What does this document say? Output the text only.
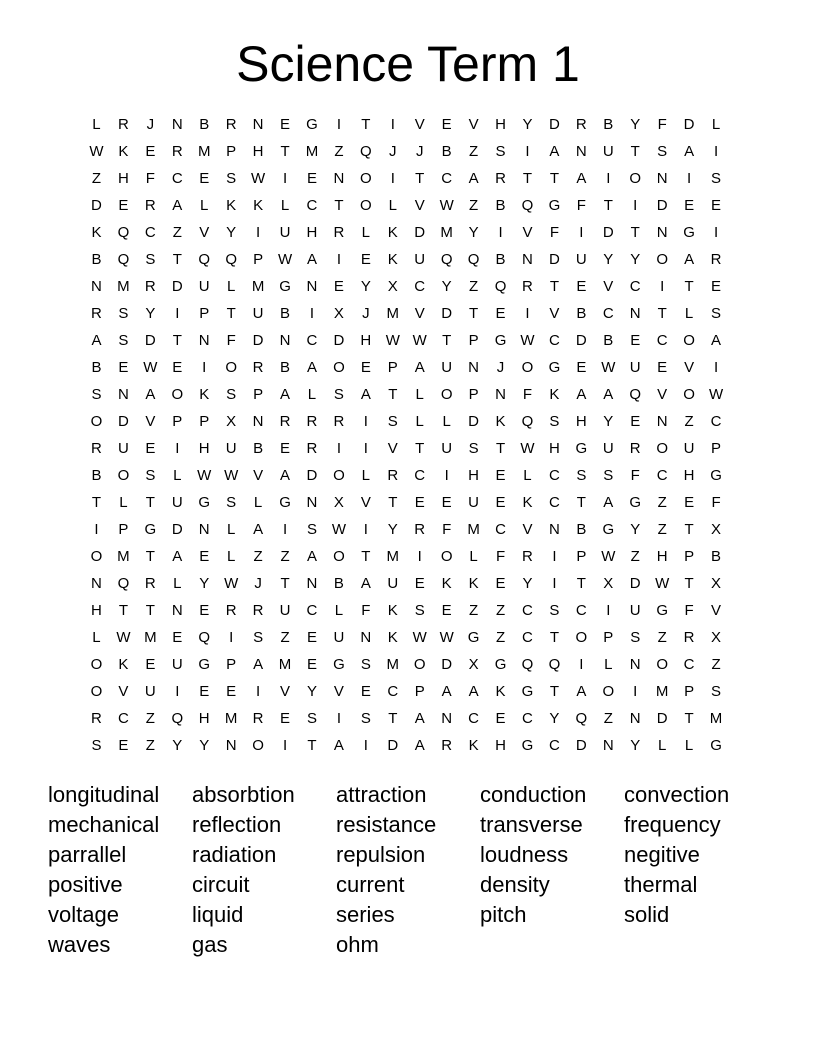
Science Term 1
L	R	J	N	B	R	N	E	G	I	T	I	V	E	V	H	Y	D	R	B	Y	F	D	L
W K	E	R	M	P	H	T	M	Z	Q	J	J	B	Z	S	I	A	N	U	T	S	A	I
Z	H	F	C	E	S W	I	E	N	O	I	T	C	A	R	T	T	A	I	O	N	I	S
D	E	R	A	L	K	K	L	C	T	O	L	V W	Z	B	Q	G	F	T	I	D	E	E
K	Q	C	Z	V	Y	I	U	H	R	L	K	D	M	Y	I	V	F	I	D	T	N	G	I
B	Q	S	T	Q	Q	P W A	I	E	K	U	Q	Q	B	N	D	U	Y	Y	O	A	R
N	M	R	D	U	L	M G	N	E	Y	X	C	Y	Z	Q	R	T	E	V	C	I	T	E
R	S	Y	I	P	T	U	B	I	X	J	M	V	D	T	E	I	V	B	C	N	T	L	S
A	S	D	T	N	F	D	N	C	D	H W W	T	P	G W C	D	B	E	C	O	A
B	E W E	I	O	R	B	A	O	E	P	A	U	N	J	O	G	E W U	E	V	I
S	N	A	O	K	S	P	A	L	S	A	T	L	O	P	N	F	K	A	A	Q	V	O W
O	D	V	P	P	X	N	R	R	R	I	S	L	L	D	K	Q	S	H	Y	E	N	Z	C
R	U	E	I	H	U	B	E	R	I	I	V	T	U	S	T	W H	G	U	R	O	U	P
B	O	S	L	W W V	A	D	O	L	R	C	I	H	E	L	C	S	S	F	C	H	G
T	L	T	U	G	S	L	G	N	X	V	T	E	E	U	E	K	C	T	A	G	Z	E	F
I	P	G	D	N	L	A	I	S W	I	Y	R	F	M	C	V	N	B	G	Y	Z	T	X
O M	T	A	E	L	Z	Z	A	O	T	M	I	O	L	F	R	I	P W	Z	H	P	B
N	Q	R	L	Y W	J	T	N	B	A	U	E	K	K	E	Y	I	T	X	D W	T	X
H	T	T	N	E	R	R	U	C	L	F	K	S	E	Z	Z	C	S	C	I	U	G	F	V
L	W M	E	Q	I	S	Z	E	U	N	K W W G	Z	C	T	O	P	S	Z	R	X
O	K	E	U	G	P	A	M	E	G	S	M O	D	X	G	Q	Q	I	L	N	O	C	Z
O	V	U	I	E	E	I	V	Y	V	E	C	P	A	A	K	G	T	A	O	I	M	P	S
R	C	Z	Q	H	M	R	E	S	I	S	T	A	N	C	E	C	Y	Q	Z	N	D	T	M
S	E	Z	Y	Y	N	O	I	T	A	I	D	A	R	K	H	G	C	D	N	Y	L	L	G
longitudinal	absorbtion	attraction	conduction	convection
mechanical	reflection	resistance	transverse	frequency
parrallel	radiation	repulsion	loudness	negitive
positive	circuit	current	density	thermal
voltage	liquid	series	pitch	solid
waves	gas	ohm
